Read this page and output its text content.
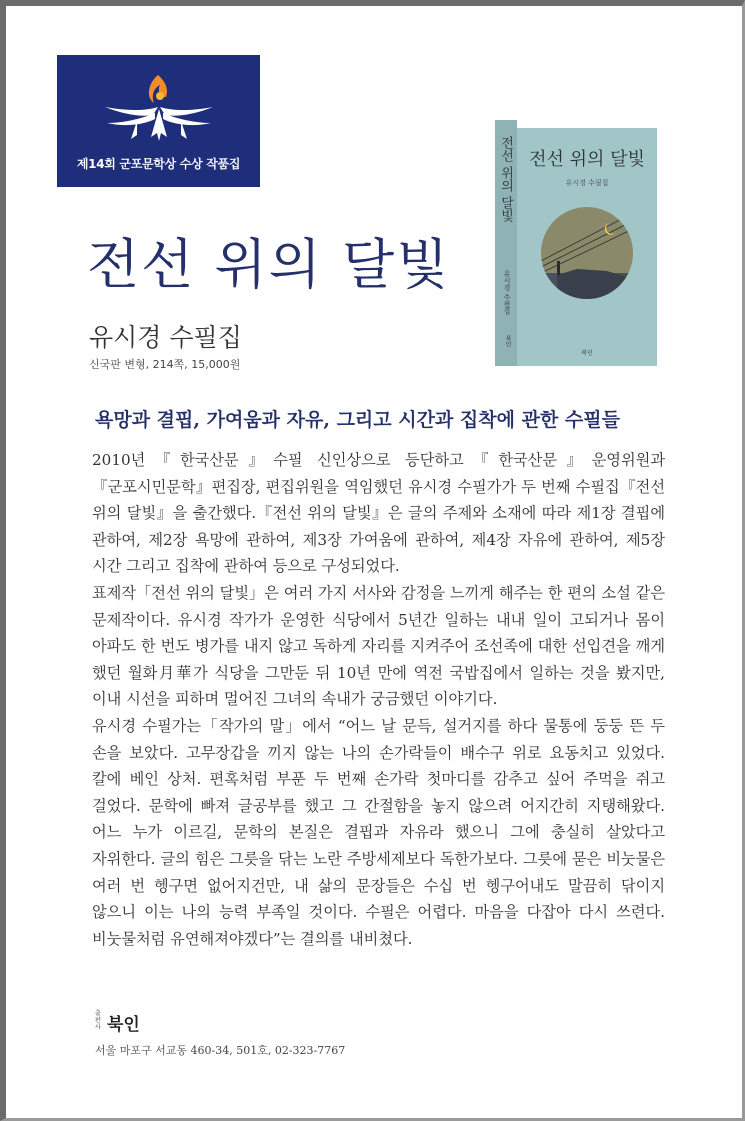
제14회 군포문학상 수상 작품집
전선 위의 달빛
유시경 수필집
신국판 변형, 214쪽, 15,000원
전선 위의 달빛
유시경 수필집
북인
전선 위의 달빛
유시경 수필집
북인
욕망과 결핍, 가여움과 자유, 그리고 시간과 집착에 관한 수필들

2010년『한국산문』수필 신인상으로 등단하고『한국산문』운영위원과『군포시민문학』편집장, 편집위원을 역임했던 유시경 수필가가 두 번째 수필집『전선 위의 달빛』을 출간했다.『전선 위의 달빛』은 글의 주제와 소재에 따라 제1장 결핍에 관하여, 제2장 욕망에 관하여, 제3장 가여움에 관하여, 제4장 자유에 관하여, 제5장 시간 그리고 집착에 관하여 등으로 구성되었다.

표제작「전선 위의 달빛」은 여러 가지 서사와 감정을 느끼게 해주는 한 편의 소설 같은 문제작이다. 유시경 작가가 운영한 식당에서 5년간 일하는 내내 일이 고되거나 몸이 아파도 한 번도 병가를 내지 않고 독하게 자리를 지켜주어 조선족에 대한 선입견을 깨게 했던 월화月華가 식당을 그만둔 뒤 10년 만에 역전 국밥집에서 일하는 것을 봤지만, 이내 시선을 피하며 멀어진 그녀의 속내가 궁금했던 이야기다.

유시경 수필가는「작가의 말」에서 “어느 날 문득, 설거지를 하다 물통에 둥둥 뜬 두 손을 보았다. 고무장갑을 끼지 않는 나의 손가락들이 배수구 위로 요동치고 있었다. 칼에 베인 상처. 편혹처럼 부푼 두 번째 손가락 첫마디를 감추고 싶어 주먹을 쥐고 걸었다. 문학에 빠져 글공부를 했고 그 간절함을 놓지 않으려 어지간히 지탱해왔다. 어느 누가 이르길, 문학의 본질은 결핍과 자유라 했으니 그에 충실히 살았다고 자위한다. 글의 힘은 그릇을 닦는 노란 주방세제보다 독한가보다. 그릇에 묻은 비눗물은 여러 번 헹구면 없어지건만, 내 삶의 문장들은 수십 번 헹구어내도 말끔히 닦이지 않으니 이는 나의 능력 부족일 것이다. 수필은 어렵다. 마음을 다잡아 다시 쓰련다. 비눗물처럼 유연해져야겠다”는 결의를 내비쳤다.

출판사 북인
서울 마포구 서교동 460-34, 501호, 02-323-7767
